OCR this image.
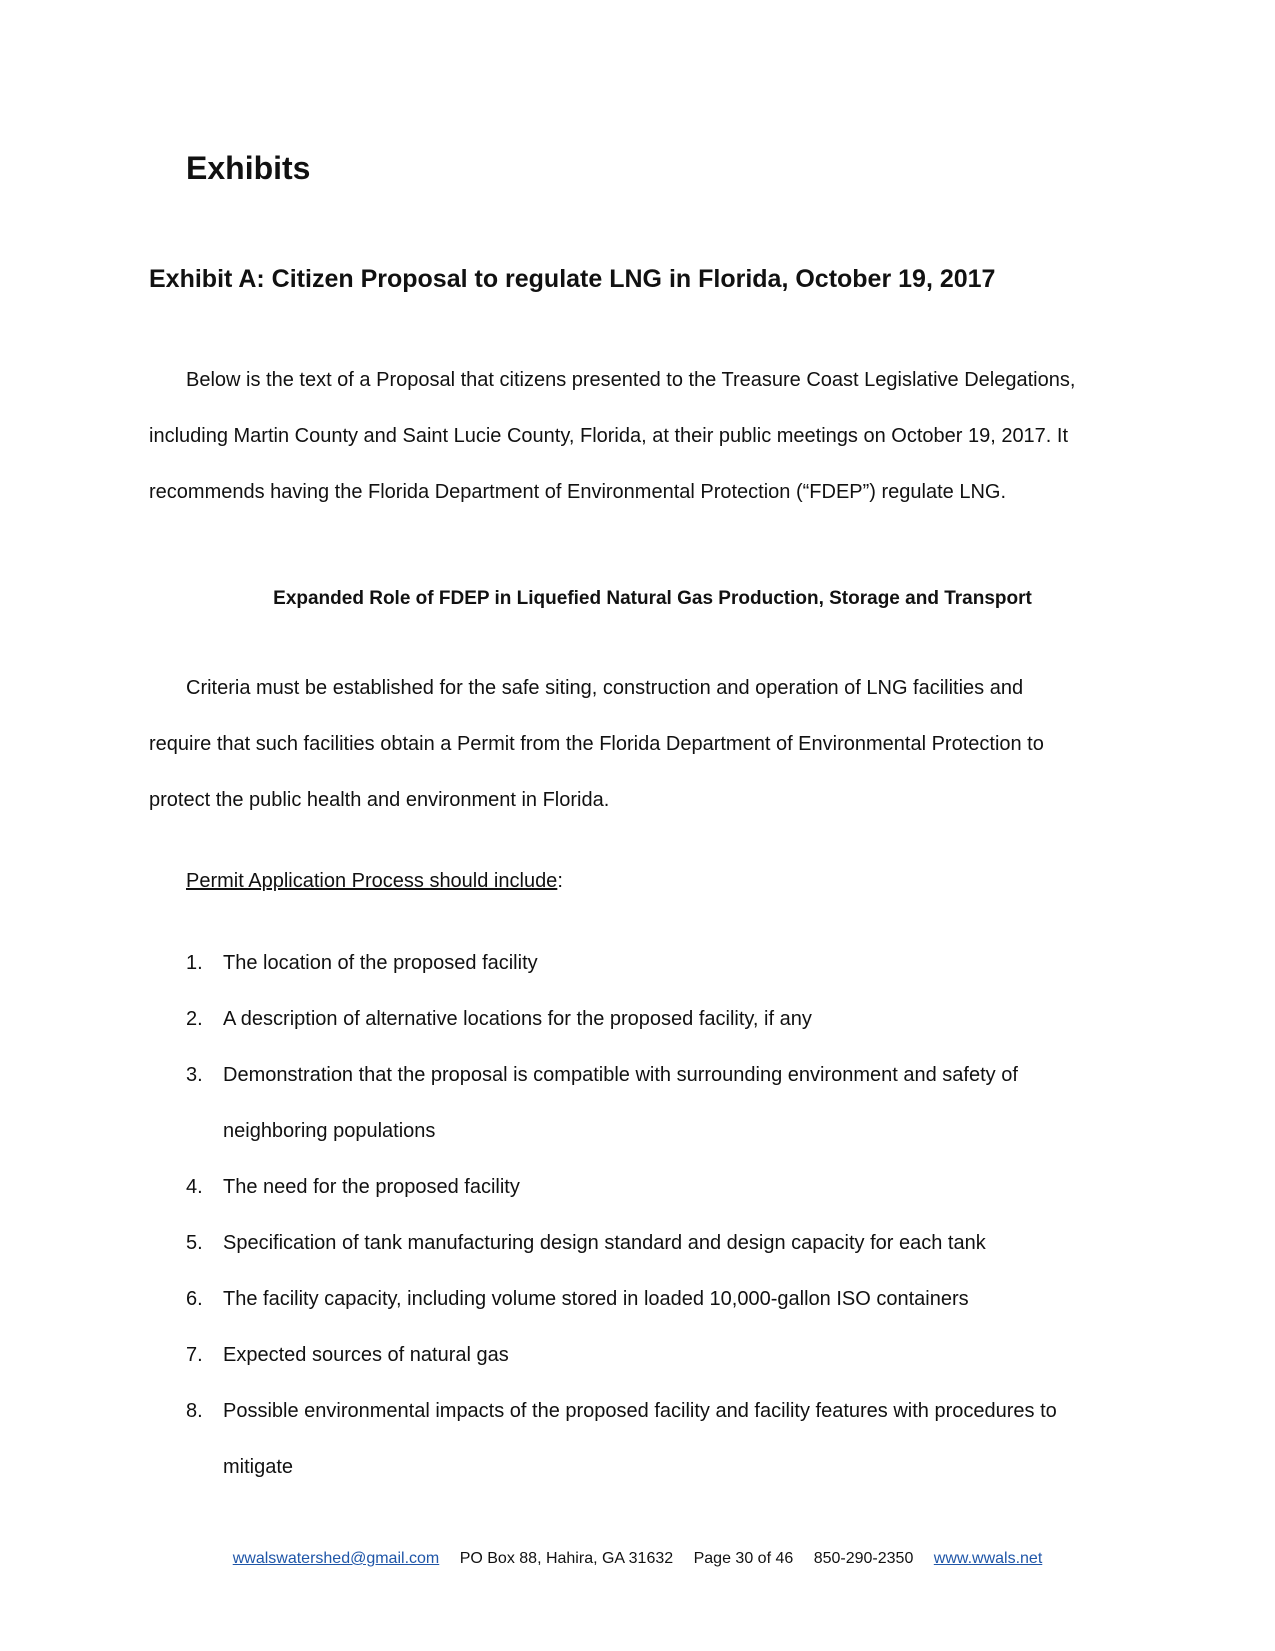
Exhibits
Exhibit A: Citizen Proposal to regulate LNG in Florida, October 19, 2017
Below is the text of a Proposal that citizens presented to the Treasure Coast Legislative Delegations,
including Martin County and Saint Lucie County, Florida, at their public meetings on October 19, 2017. It
recommends having the Florida Department of Environmental Protection (“FDEP”) regulate LNG.
Expanded Role of FDEP in Liquefied Natural Gas Production, Storage and Transport
Criteria must be established for the safe siting, construction and operation of LNG facilities and
require that such facilities obtain a Permit from the Florida Department of Environmental Protection to
protect the public health and environment in Florida.
Permit Application Process should include:
1. The location of the proposed facility
2. A description of alternative locations for the proposed facility, if any
3. Demonstration that the proposal is compatible with surrounding environment and safety of
neighboring populations
4. The need for the proposed facility
5. Specification of tank manufacturing design standard and design capacity for each tank
6. The facility capacity, including volume stored in loaded 10,000-gallon ISO containers
7. Expected sources of natural gas
8. Possible environmental impacts of the proposed facility and facility features with procedures to
mitigate
wwalswatershed@gmail.com PO Box 88, Hahira, GA 31632 Page 30 of 46 850-290-2350 www.wwals.net
